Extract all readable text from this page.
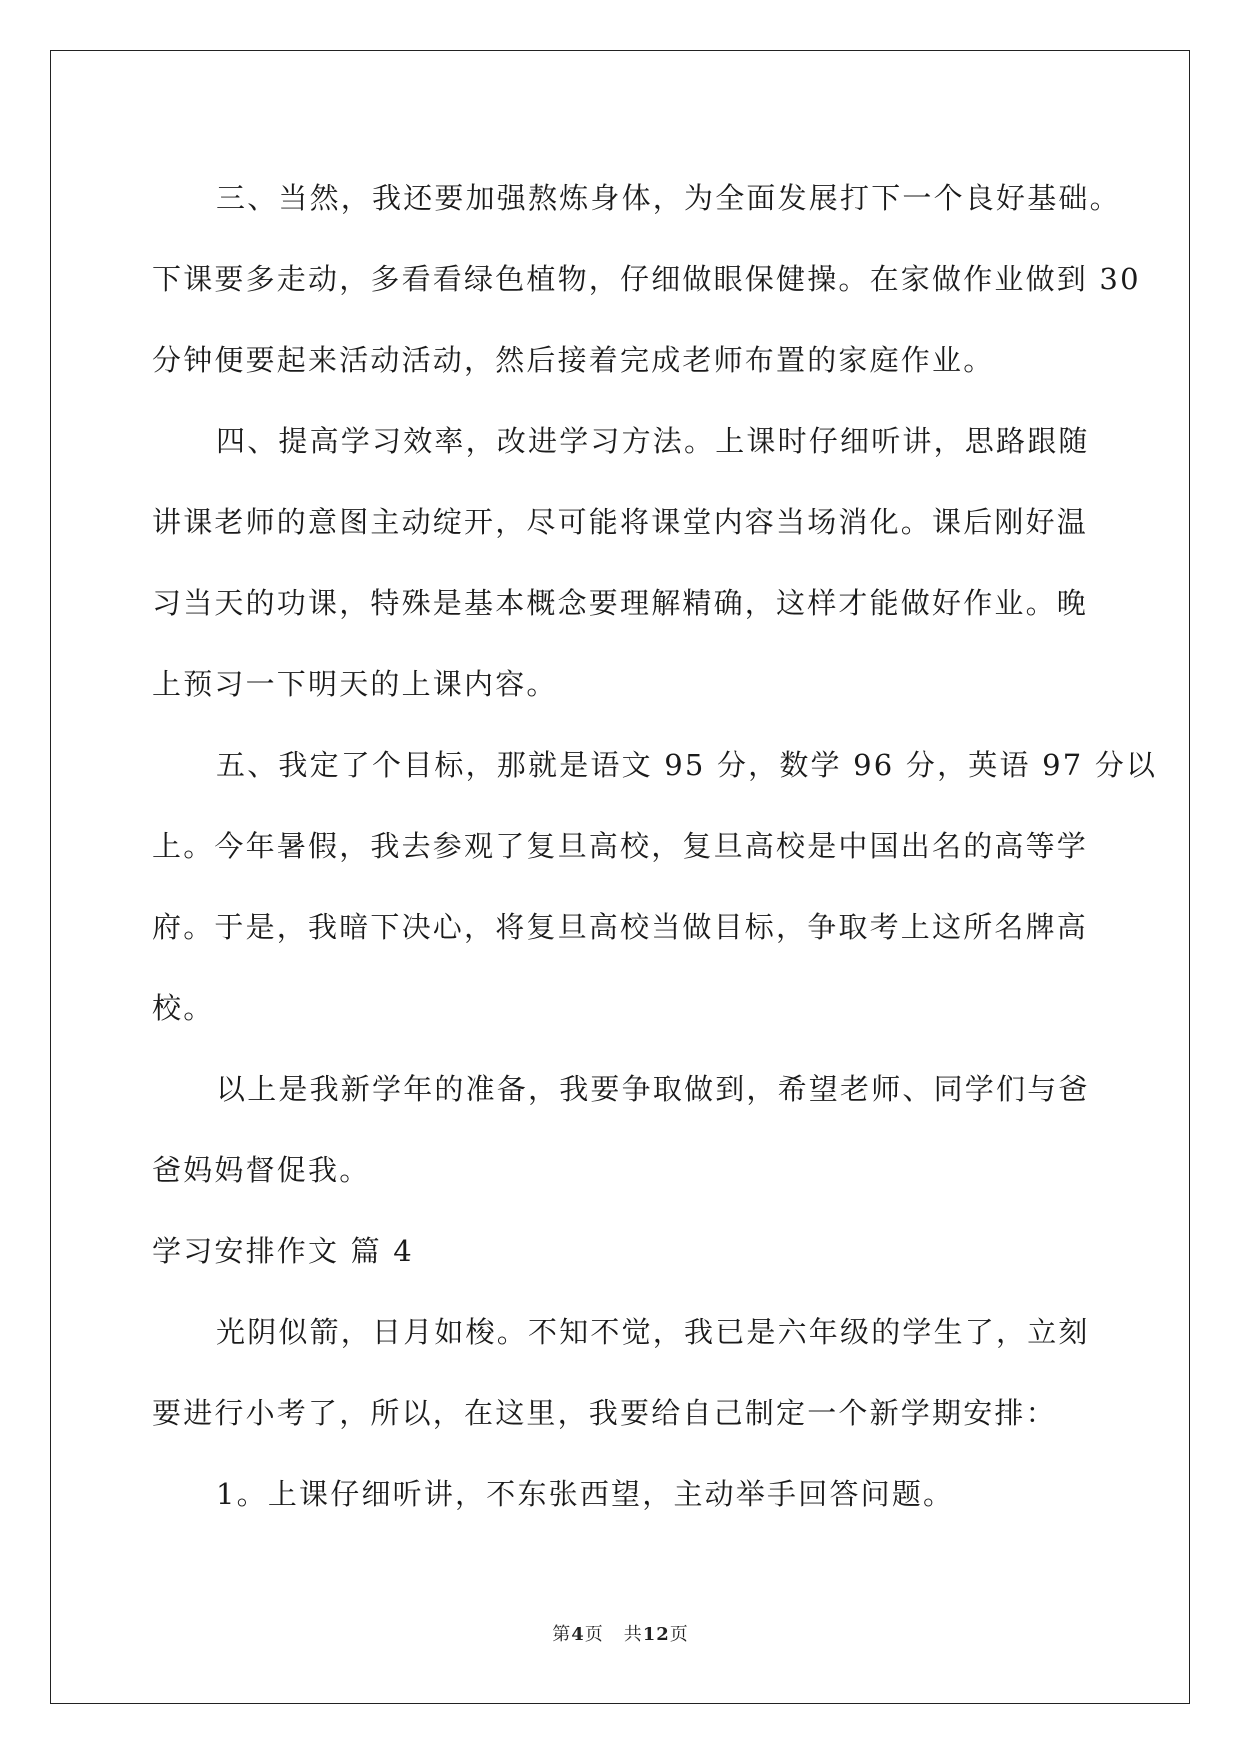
三、当然，我还要加强熬炼身体，为全面发展打下一个良好基础。
下课要多走动，多看看绿色植物，仔细做眼保健操。在家做作业做到 30
分钟便要起来活动活动，然后接着完成老师布置的家庭作业。
四、提高学习效率，改进学习方法。上课时仔细听讲，思路跟随
讲课老师的意图主动绽开，尽可能将课堂内容当场消化。课后刚好温
习当天的功课，特殊是基本概念要理解精确，这样才能做好作业。晚
上预习一下明天的上课内容。
五、我定了个目标，那就是语文 95 分，数学 96 分，英语 97 分以
上。今年暑假，我去参观了复旦高校，复旦高校是中国出名的高等学
府。于是，我暗下决心，将复旦高校当做目标，争取考上这所名牌高
校。
以上是我新学年的准备，我要争取做到，希望老师、同学们与爸
爸妈妈督促我。
学习安排作文 篇 4
光阴似箭，日月如梭。不知不觉，我已是六年级的学生了，立刻
要进行小考了，所以，在这里，我要给自己制定一个新学期安排：
1。上课仔细听讲，不东张西望，主动举手回答问题。
第4页 共12页
